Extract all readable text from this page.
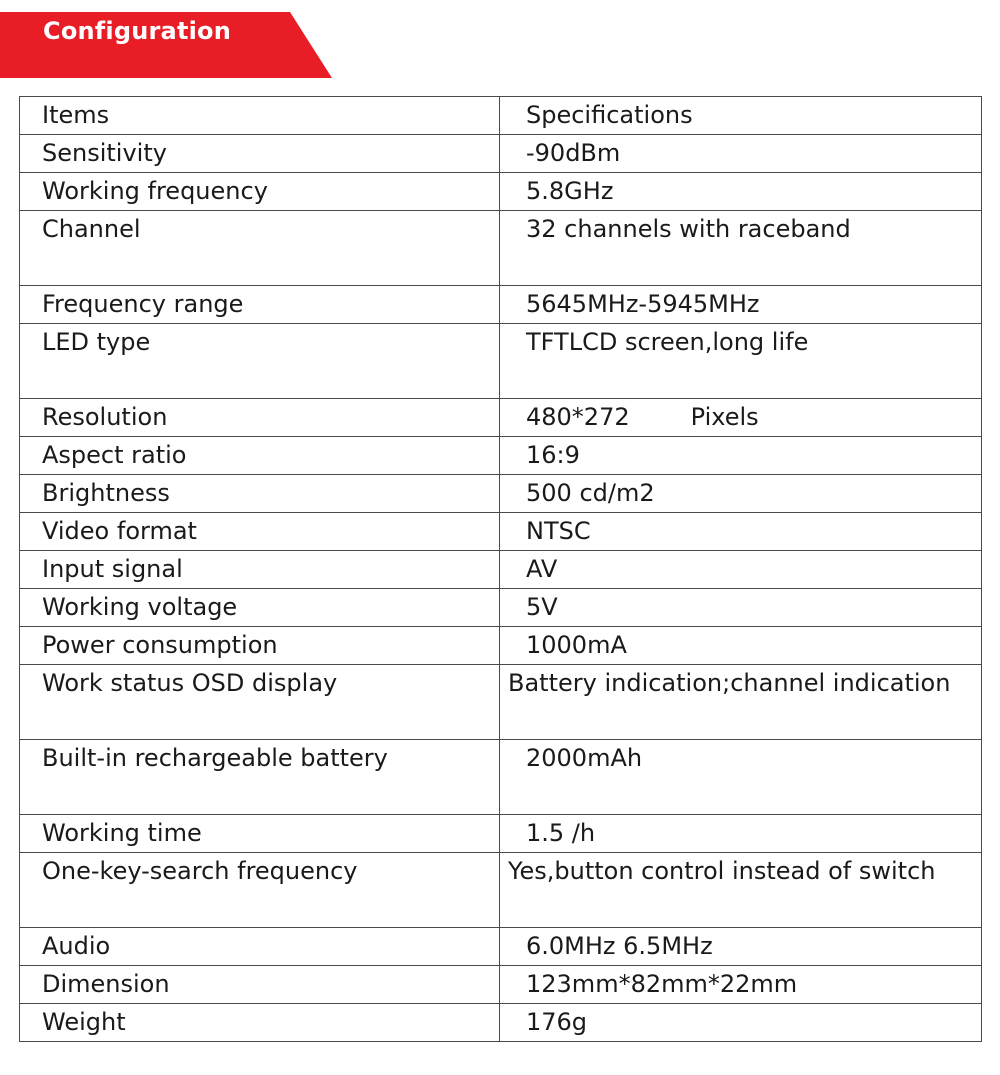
Configuration
Items	Specifications
Sensitivity	-90dBm
Working frequency	5.8GHz
Channel	32 channels with raceband
Frequency range	5645MHz-5945MHz
LED type	TFTLCD screen,long life
Resolution	480*272        Pixels
Aspect ratio	16:9
Brightness	500 cd/m2
Video format	NTSC
Input signal	AV
Working voltage	5V
Power consumption	1000mA
Work status OSD display	Battery indication;channel indication
Built-in rechargeable battery	2000mAh
Working time	1.5 /h
One-key-search frequency	Yes,button control instead of switch
Audio	6.0MHz 6.5MHz
Dimension	123mm*82mm*22mm
Weight	176g
